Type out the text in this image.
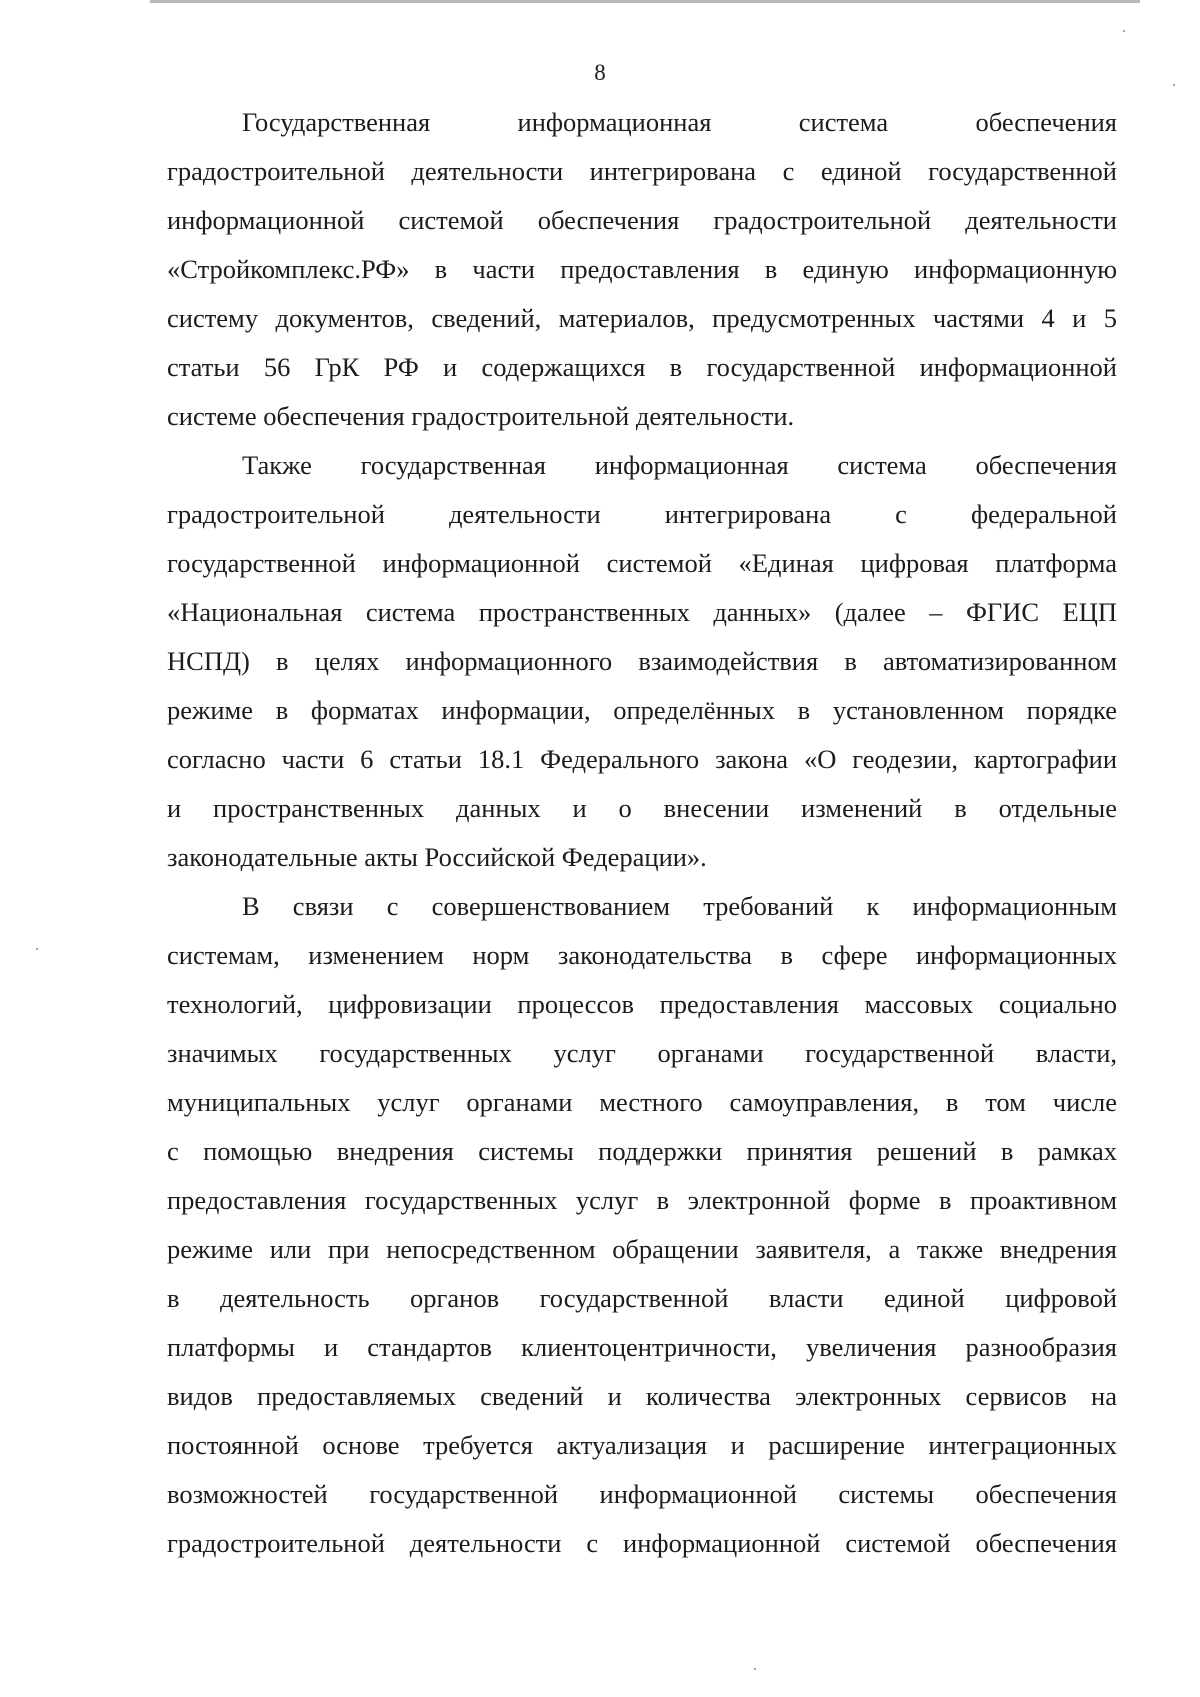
8
Государственная информационная система обеспечения
градостроительной деятельности интегрирована с единой государственной
информационной системой обеспечения градостроительной деятельности
«Стройкомплекс.РФ» в части предоставления в единую информационную
систему документов, сведений, материалов, предусмотренных частями 4 и 5
статьи 56 ГрК РФ и содержащихся в государственной информационной
системе обеспечения градостроительной деятельности.
Также государственная информационная система обеспечения
градостроительной деятельности интегрирована с федеральной
государственной информационной системой «Единая цифровая платформа
«Национальная система пространственных данных» (далее – ФГИС ЕЦП
НСПД) в целях информационного взаимодействия в автоматизированном
режиме в форматах информации, определённых в установленном порядке
согласно части 6 статьи 18.1 Федерального закона «О геодезии, картографии
и пространственных данных и о внесении изменений в отдельные
законодательные акты Российской Федерации».
В связи с совершенствованием требований к информационным
системам, изменением норм законодательства в сфере информационных
технологий, цифровизации процессов предоставления массовых социально
значимых государственных услуг органами государственной власти,
муниципальных услуг органами местного самоуправления, в том числе
с помощью внедрения системы поддержки принятия решений в рамках
предоставления государственных услуг в электронной форме в проактивном
режиме или при непосредственном обращении заявителя, а также внедрения
в деятельность органов государственной власти единой цифровой
платформы и стандартов клиентоцентричности, увеличения разнообразия
видов предоставляемых сведений и количества электронных сервисов на
постоянной основе требуется актуализация и расширение интеграционных
возможностей государственной информационной системы обеспечения
градостроительной деятельности с информационной системой обеспечения
